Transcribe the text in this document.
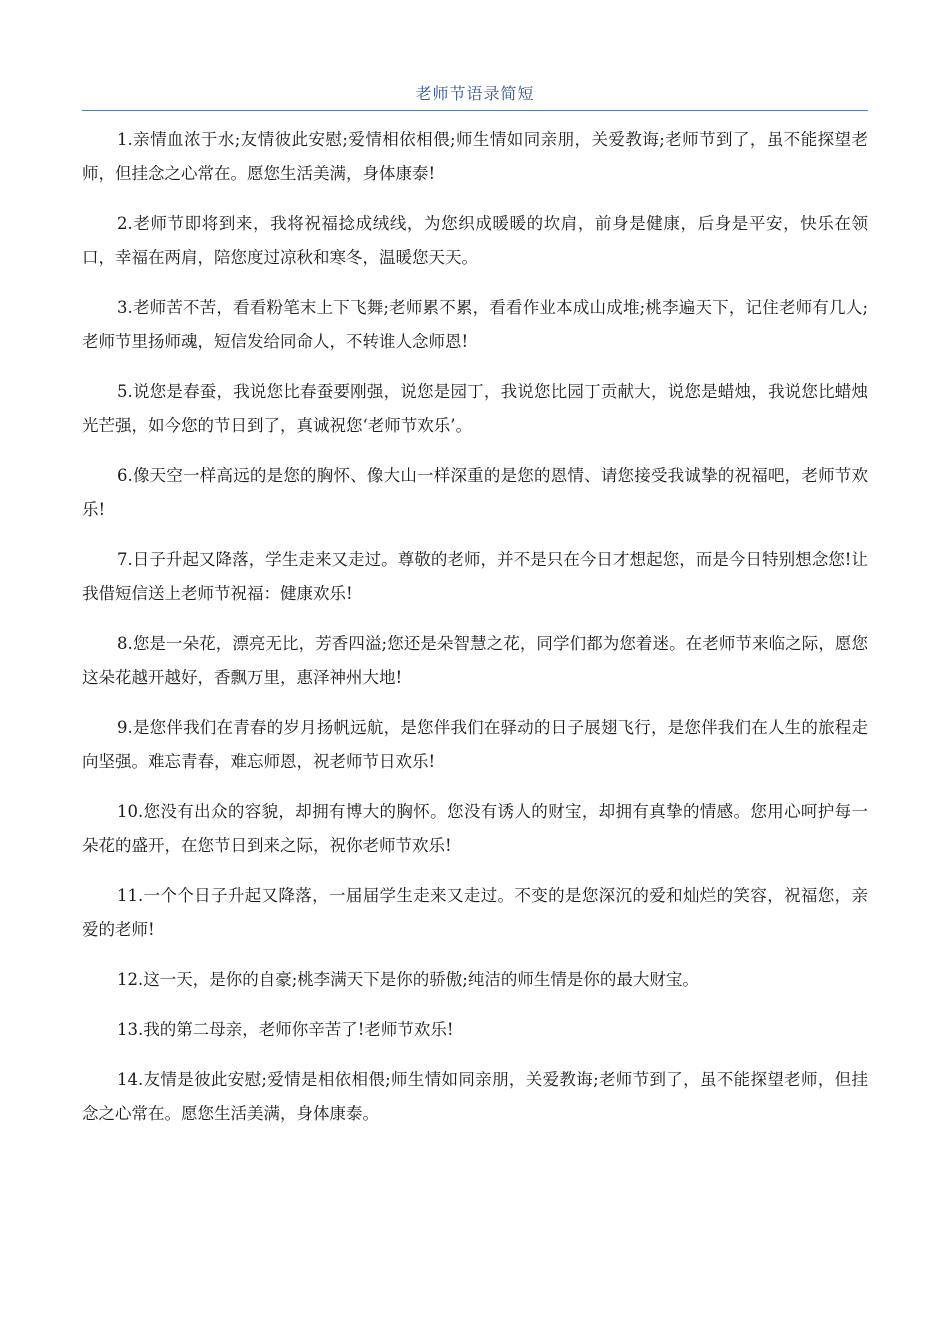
老师节语录简短

1.亲情血浓于水;友情彼此安慰;爱情相依相偎;师生情如同亲朋，关爱教诲;老师节到了，虽不能探望老师，但挂念之心常在。愿您生活美满，身体康泰!

2.老师节即将到来，我将祝福捻成绒线，为您织成暖暖的坎肩，前身是健康，后身是平安，快乐在领口，幸福在两肩，陪您度过凉秋和寒冬，温暖您天天。

3.老师苦不苦，看看粉笔末上下飞舞;老师累不累，看看作业本成山成堆;桃李遍天下，记住老师有几人;老师节里扬师魂，短信发给同命人，不转谁人念师恩!

5.说您是春蚕，我说您比春蚕要刚强，说您是园丁，我说您比园丁贡献大，说您是蜡烛，我说您比蜡烛光芒强，如今您的节日到了，真诚祝您‘老师节欢乐’。

6.像天空一样高远的是您的胸怀、像大山一样深重的是您的恩情、请您接受我诚挚的祝福吧，老师节欢乐!

7.日子升起又降落，学生走来又走过。尊敬的老师，并不是只在今日才想起您，而是今日特别想念您!让我借短信送上老师节祝福：健康欢乐!

8.您是一朵花，漂亮无比，芳香四溢;您还是朵智慧之花，同学们都为您着迷。在老师节来临之际，愿您这朵花越开越好，香飘万里，惠泽神州大地!

9.是您伴我们在青春的岁月扬帆远航，是您伴我们在驿动的日子展翅飞行，是您伴我们在人生的旅程走向坚强。难忘青春，难忘师恩，祝老师节日欢乐!

10.您没有出众的容貌，却拥有博大的胸怀。您没有诱人的财宝，却拥有真挚的情感。您用心呵护每一朵花的盛开，在您节日到来之际，祝你老师节欢乐!

11.一个个日子升起又降落，一届届学生走来又走过。不变的是您深沉的爱和灿烂的笑容，祝福您，亲爱的老师!

12.这一天，是你的自豪;桃李满天下是你的骄傲;纯洁的师生情是你的最大财宝。

13.我的第二母亲，老师你辛苦了!老师节欢乐!

14.友情是彼此安慰;爱情是相依相偎;师生情如同亲朋，关爱教诲;老师节到了，虽不能探望老师，但挂念之心常在。愿您生活美满，身体康泰。
